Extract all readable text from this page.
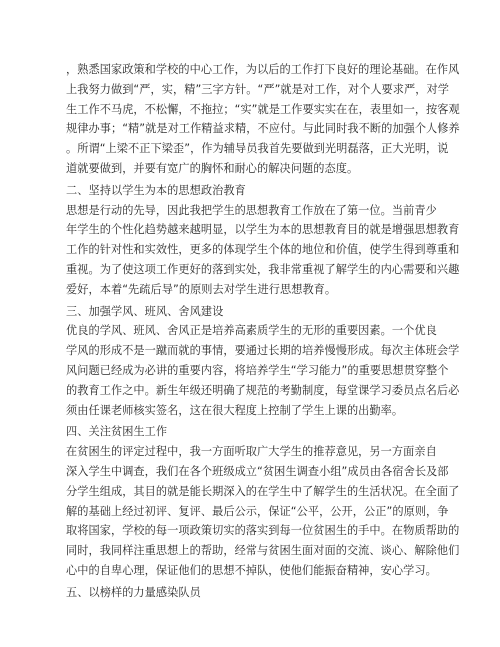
，熟悉国家政策和学校的中心工作，为以后的工作打下良好的理论基础。在作风
上我努力做到“严，实，精”三字方针。“严”就是对工作，对个人要求严，对学
生工作不马虎，不松懈，不拖拉；“实”就是工作要实实在在，表里如一，按客观
规律办事；“精”就是对工作精益求精，不应付。与此同时我不断的加强个人修养
。所谓“上梁不正下梁歪”，作为辅导员我首先要做到光明磊落，正大光明，说
道就要做到，并要有宽广的胸怀和耐心的解决问题的态度。
二、坚持以学生为本的思想政治教育
思想是行动的先导，因此我把学生的思想教育工作放在了第一位。当前青少
年学生的个性化趋势越来越明显，以学生为本的思想教育目的就是增强思想教育
工作的针对性和实效性，更多的体现学生个体的地位和价值，使学生得到尊重和
重视。为了使这项工作更好的落到实处，我非常重视了解学生的内心需要和兴趣
爱好，本着“先疏后导”的原则去对学生进行思想教育。
三、加强学风、班风、舍风建设
优良的学风、班风、舍风正是培养高素质学生的无形的重要因素。一个优良
学风的形成不是一蹴而就的事情，要通过长期的培养慢慢形成。每次主体班会学
风问题已经成为必讲的重要内容，将培养学生“学习能力”的重要思想贯穿整个
的教育工作之中。新生年级还明确了规范的考勤制度，每堂课学习委员点名后必
须由任课老师核实签名，这在很大程度上控制了学生上课的出勤率。
四、关注贫困生工作
在贫困生的评定过程中，我一方面听取广大学生的推荐意见，另一方面亲自
深入学生中调查，我们在各个班级成立“贫困生调查小组”成员由各宿舍长及部
分学生组成，其目的就是能长期深入的在学生中了解学生的生活状况。在全面了
解的基础上经过初评、复评、最后公示，保证“公平，公开，公正”的原则，争
取将国家，学校的每一项政策切实的落实到每一位贫困生的手中。在物质帮助的
同时，我同样注重思想上的帮助，经常与贫困生面对面的交流、谈心、解除他们
心中的自卑心理，保证他们的思想不掉队，使他们能振奋精神，安心学习。
五、以榜样的力量感染队员
